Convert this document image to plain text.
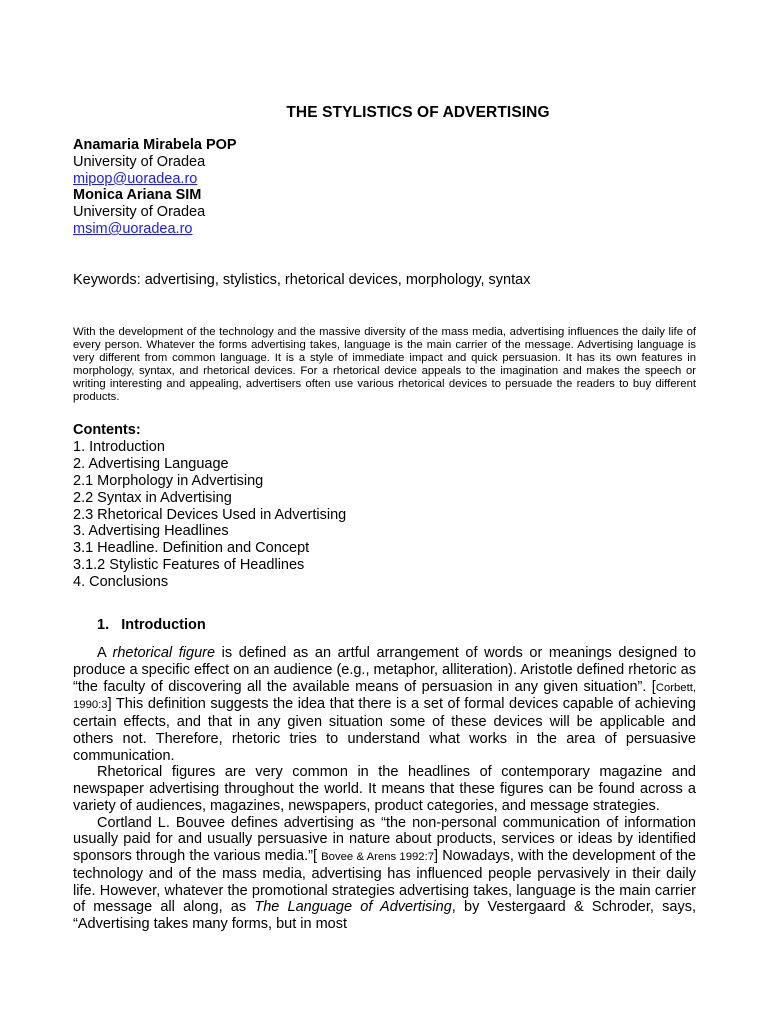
THE STYLISTICS OF ADVERTISING
Anamaria Mirabela POP
University of Oradea
mipop@uoradea.ro
Monica Ariana SIM
University of Oradea
msim@uoradea.ro
Keywords: advertising, stylistics, rhetorical devices, morphology, syntax
With the development of the technology and the massive diversity of the mass media, advertising influences the daily life of every person. Whatever the forms advertising takes, language is the main carrier of the message. Advertising language is very different from common language. It is a style of immediate impact and quick persuasion. It has its own features in morphology, syntax, and rhetorical devices. For a rhetorical device appeals to the imagination and makes the speech or writing interesting and appealing, advertisers often use various rhetorical devices to persuade the readers to buy different products.
Contents:
1. Introduction
2. Advertising Language
2.1 Morphology in Advertising
2.2 Syntax in Advertising
2.3 Rhetorical Devices Used in Advertising
3. Advertising Headlines
3.1 Headline. Definition and Concept
3.1.2 Stylistic Features of Headlines
4. Conclusions
1. Introduction

A rhetorical figure is defined as an artful arrangement of words or meanings designed to produce a specific effect on an audience (e.g., metaphor, alliteration). Aristotle defined rhetoric as “the faculty of discovering all the available means of persuasion in any given situation”. [Corbett, 1990:3] This definition suggests the idea that there is a set of formal devices capable of achieving certain effects, and that in any given situation some of these devices will be applicable and others not. Therefore, rhetoric tries to understand what works in the area of persuasive communication.

Rhetorical figures are very common in the headlines of contemporary magazine and newspaper advertising throughout the world. It means that these figures can be found across a variety of audiences, magazines, newspapers, product categories, and message strategies.

Cortland L. Bouvee defines advertising as “the non-personal communication of information usually paid for and usually persuasive in nature about products, services or ideas by identified sponsors through the various media.”[ Bovee & Arens 1992:7] Nowadays, with the development of the technology and of the mass media, advertising has influenced people pervasively in their daily life. However, whatever the promotional strategies advertising takes, language is the main carrier of message all along, as The Language of Advertising, by Vestergaard & Schroder, says, “Advertising takes many forms, but in most
